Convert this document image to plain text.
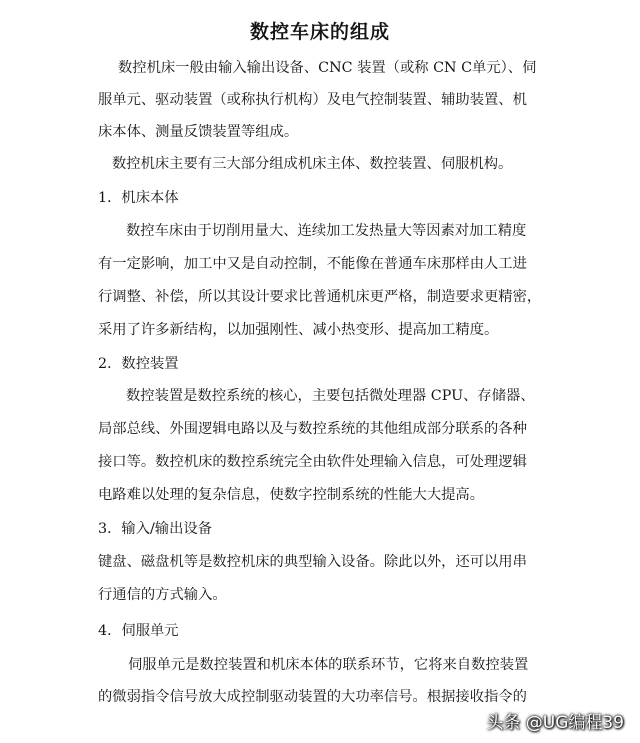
数控车床的组成

数控机床一般由输入输出设备、CNC 装置（或称 CN C单元）、伺

服单元、驱动装置（或称执行机构）及电气控制装置、辅助装置、机

床本体、测量反馈装置等组成。

数控机床主要有三大部分组成机床主体、数控装置、伺服机构。

1．机床本体

数控车床由于切削用量大、连续加工发热量大等因素对加工精度

有一定影响，加工中又是自动控制，不能像在普通车床那样由人工进

行调整、补偿，所以其设计要求比普通机床更严格，制造要求更精密，

采用了许多新结构，以加强刚性、减小热变形、提高加工精度。

2．数控装置

数控装置是数控系统的核心，主要包括微处理器 CPU、存储器、

局部总线、外围逻辑电路以及与数控系统的其他组成部分联系的各种

接口等。数控机床的数控系统完全由软件处理输入信息，可处理逻辑

电路难以处理的复杂信息，使数字控制系统的性能大大提高。

3．输入/输出设备

键盘、磁盘机等是数控机床的典型输入设备。除此以外，还可以用串

行通信的方式输入。

4．伺服单元

伺服单元是数控装置和机床本体的联系环节，它将来自数控装置

的微弱指令信号放大成控制驱动装置的大功率信号。根据接收指令的

头条 @UG编程39
